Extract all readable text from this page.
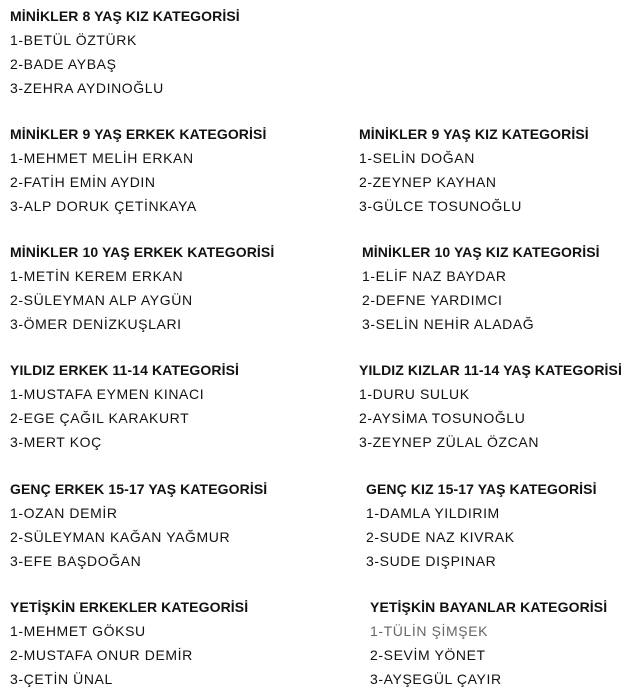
MİNİKLER 8 YAŞ KIZ KATEGORİSİ
1-BETÜL ÖZTÜRK
2-BADE AYBAŞ
3-ZEHRA AYDINOĞLU
MİNİKLER 9 YAŞ ERKEK KATEGORİSİ
1-MEHMET MELİH ERKAN
2-FATİH EMİN AYDIN
3-ALP DORUK ÇETİNKAYA
MİNİKLER 9 YAŞ KIZ KATEGORİSİ
1-SELİN DOĞAN
2-ZEYNEP KAYHAN
3-GÜLCE TOSUNOĞLU
MİNİKLER 10 YAŞ ERKEK KATEGORİSİ
1-METİN KEREM ERKAN
2-SÜLEYMAN ALP AYGÜN
3-ÖMER DENİZKUŞLARI
MİNİKLER 10 YAŞ KIZ KATEGORİSİ
1-ELİF NAZ BAYDAR
2-DEFNE YARDIMCI
3-SELİN NEHİR ALADAĞ
YILDIZ ERKEK 11-14 KATEGORİSİ
1-MUSTAFA EYMEN KINACI
2-EGE ÇAĞIL KARAKURT
3-MERT KOÇ
YILDIZ KIZLAR 11-14 YAŞ KATEGORİSİ
1-DURU SULUK
2-AYSİMA TOSUNOĞLU
3-ZEYNEP ZÜLAL ÖZCAN
GENÇ ERKEK 15-17 YAŞ KATEGORİSİ
1-OZAN DEMİR
2-SÜLEYMAN KAĞAN YAĞMUR
3-EFE BAŞDOĞAN
GENÇ KIZ 15-17 YAŞ KATEGORİSİ
1-DAMLA YILDIRIM
2-SUDE NAZ KIVRAK
3-SUDE DIŞPINAR
YETİŞKİN ERKEKLER KATEGORİSİ
1-MEHMET GÖKSU
2-MUSTAFA ONUR DEMİR
3-ÇETİN ÜNAL
YETİŞKİN BAYANLAR KATEGORİSİ
1-TÜLİN ŞİMŞEK
2-SEVİM YÖNET
3-AYŞEGÜL ÇAYIR
